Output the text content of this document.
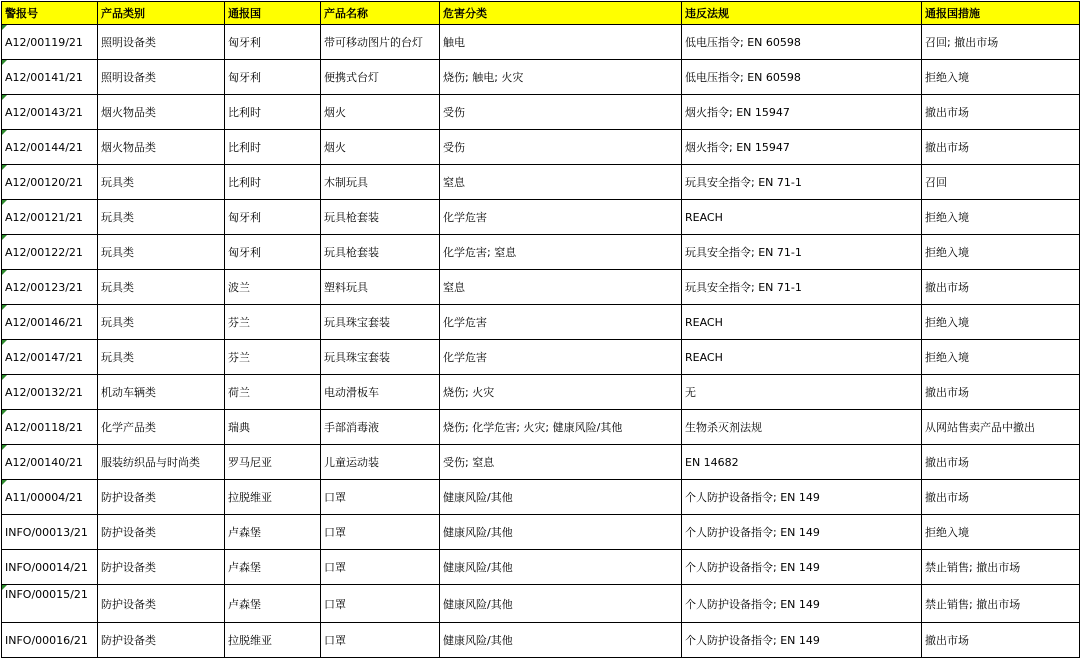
警报号	产品类别	通报国	产品名称	危害分类	违反法规	通报国措施
A12/00119/21	照明设备类	匈牙利	带可移动图片的台灯	触电	低电压指令; EN 60598	召回; 撤出市场
A12/00141/21	照明设备类	匈牙利	便携式台灯	烧伤; 触电; 火灾	低电压指令; EN 60598	拒绝入境
A12/00143/21	烟火物品类	比利时	烟火	受伤	烟火指令; EN 15947	撤出市场
A12/00144/21	烟火物品类	比利时	烟火	受伤	烟火指令; EN 15947	撤出市场
A12/00120/21	玩具类	比利时	木制玩具	窒息	玩具安全指令; EN 71-1	召回
A12/00121/21	玩具类	匈牙利	玩具枪套装	化学危害	REACH	拒绝入境
A12/00122/21	玩具类	匈牙利	玩具枪套装	化学危害; 窒息	玩具安全指令; EN 71-1	拒绝入境
A12/00123/21	玩具类	波兰	塑料玩具	窒息	玩具安全指令; EN 71-1	撤出市场
A12/00146/21	玩具类	芬兰	玩具珠宝套装	化学危害	REACH	拒绝入境
A12/00147/21	玩具类	芬兰	玩具珠宝套装	化学危害	REACH	拒绝入境
A12/00132/21	机动车辆类	荷兰	电动滑板车	烧伤; 火灾	无	撤出市场
A12/00118/21	化学产品类	瑞典	手部消毒液	烧伤; 化学危害; 火灾; 健康风险/其他	生物杀灭剂法规	从网站售卖产品中撤出
A12/00140/21	服装纺织品与时尚类	罗马尼亚	儿童运动装	受伤; 窒息	EN 14682	撤出市场
A11/00004/21	防护设备类	拉脱维亚	口罩	健康风险/其他	个人防护设备指令; EN 149	撤出市场
INFO/00013/21	防护设备类	卢森堡	口罩	健康风险/其他	个人防护设备指令; EN 149	拒绝入境
INFO/00014/21	防护设备类	卢森堡	口罩	健康风险/其他	个人防护设备指令; EN 149	禁止销售; 撤出市场
INFO/00015/21	防护设备类	卢森堡	口罩	健康风险/其他	个人防护设备指令; EN 149	禁止销售; 撤出市场
INFO/00016/21	防护设备类	拉脱维亚	口罩	健康风险/其他	个人防护设备指令; EN 149	撤出市场
